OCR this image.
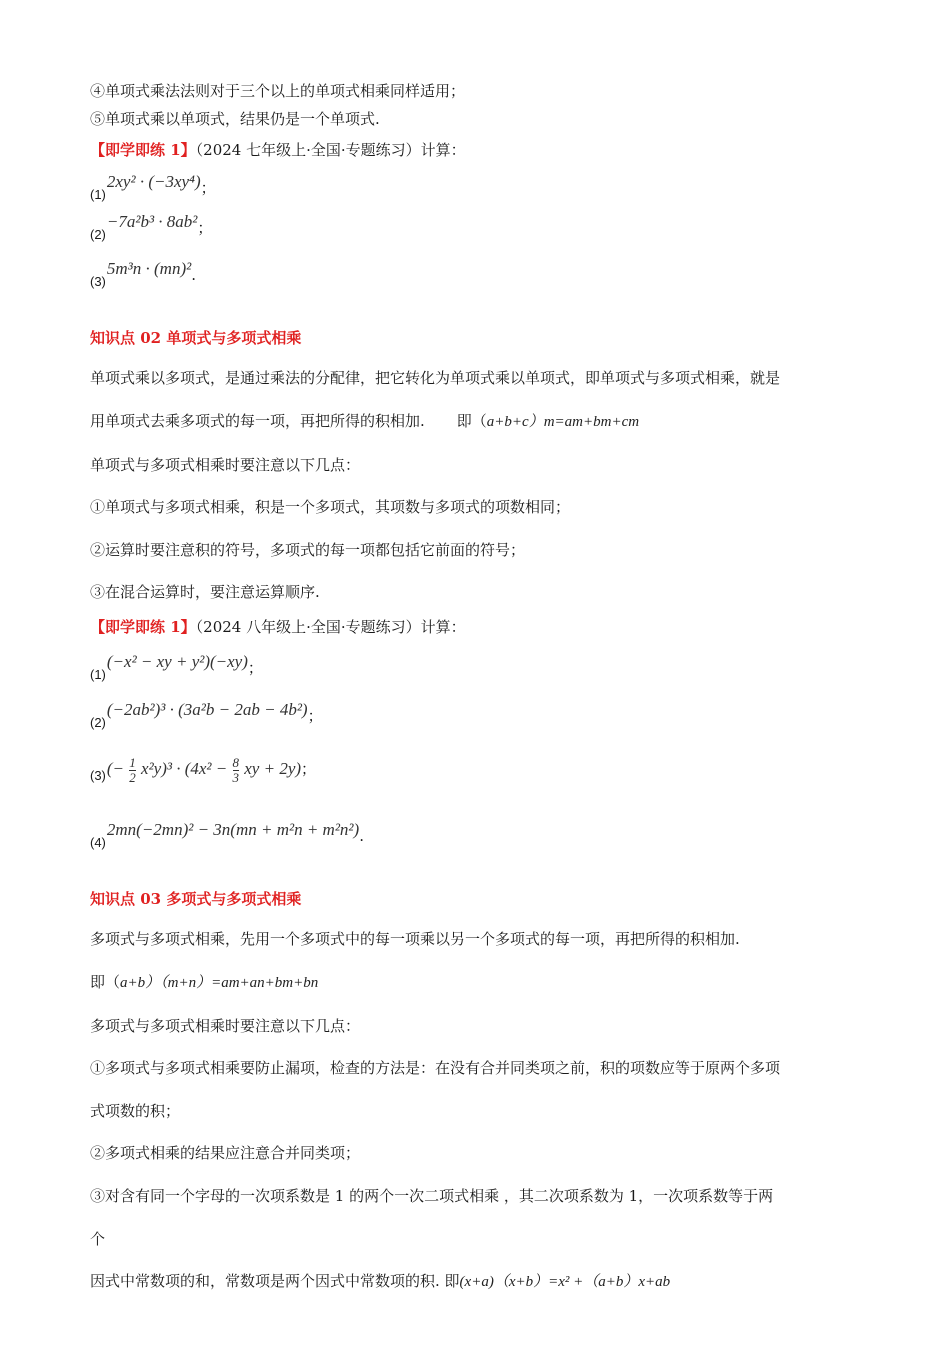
④单项式乘法法则对于三个以上的单项式相乘同样适用；
⑤单项式乘以单项式，结果仍是一个单项式.
【即学即练 1】（2024 七年级上·全国·专题练习）计算：
(1)2xy² · (−3xy⁴)；
(2)−7a²b³ · 8ab²；
(3)5m³n · (mn)².
知识点 02 单项式与多项式相乘
单项式乘以多项式，是通过乘法的分配律，把它转化为单项式乘以单项式，即单项式与多项式相乘，就是
用单项式去乘多项式的每一项，再把所得的积相加. 即（a+b+c）m=am+bm+cm
单项式与多项式相乘时要注意以下几点：
①单项式与多项式相乘，积是一个多项式，其项数与多项式的项数相同；
②运算时要注意积的符号，多项式的每一项都包括它前面的符号；
③在混合运算时，要注意运算顺序.
【即学即练 1】（2024 八年级上·全国·专题练习）计算：
(1)(−x² − xy + y²)(−xy)；
(2)(−2ab²)³ · (3a²b − 2ab − 4b²)；
$(3)(- \frac{1}{2} x^2y)^3 \cdot (4x^2 - \frac{8}{3}$ xy + 2y)；
(4)2mn(−2mn)² − 3n(mn + m²n + m²n²).
知识点 03 多项式与多项式相乘
多项式与多项式相乘，先用一个多项式中的每一项乘以另一个多项式的每一项，再把所得的积相加.
即（a+b）（m+n）=am+an+bm+bn
多项式与多项式相乘时要注意以下几点：
①多项式与多项式相乘要防止漏项，检查的方法是：在没有合并同类项之前，积的项数应等于原两个多项
式项数的积；
②多项式相乘的结果应注意合并同类项；
③对含有同一个字母的一次项系数是 1 的两个一次二项式相乘 ，其二次项系数为 1，一次项系数等于两
个
因式中常数项的和，常数项是两个因式中常数项的积. 即(x+a)（x+b）=x² +（a+b）x+ab
